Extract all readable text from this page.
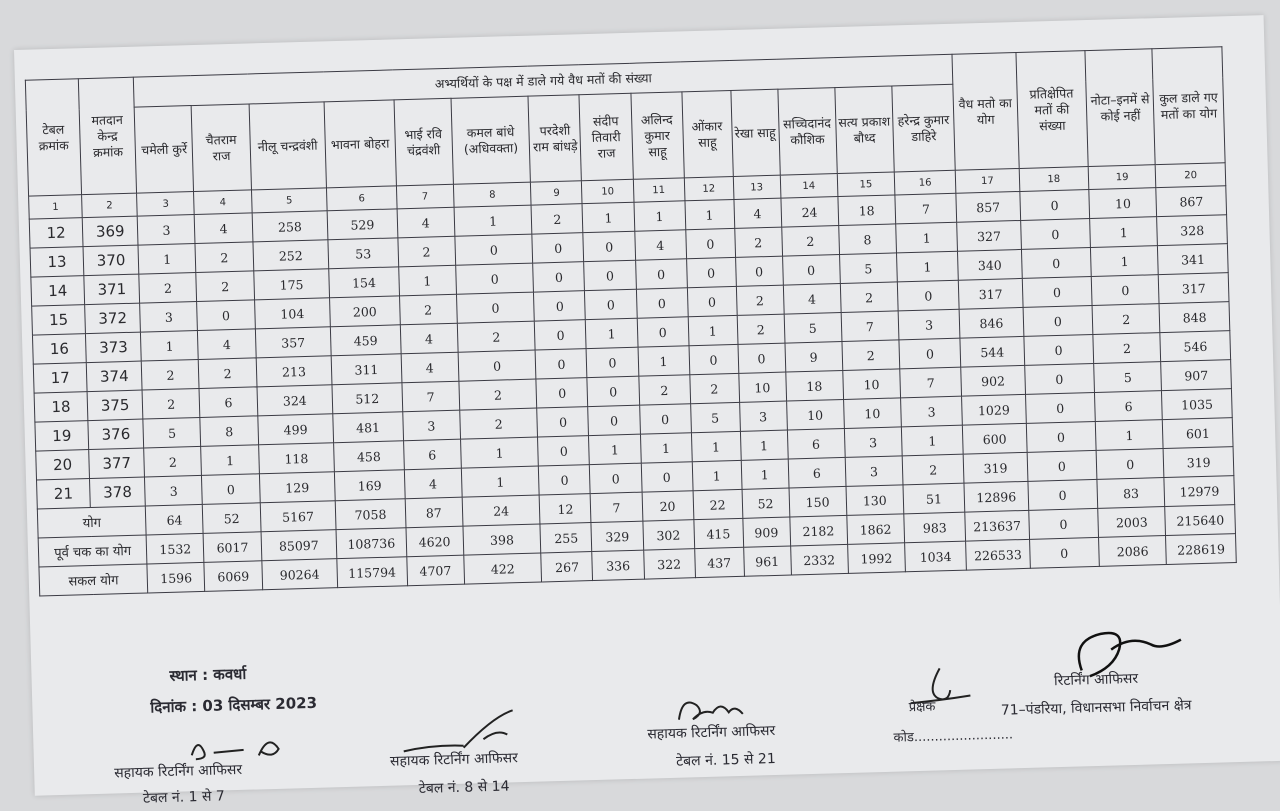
टेबल क्रमांक	मतदान केन्द्र क्रमांक	अभ्यर्थियों के पक्ष में डाले गये वैध मतों की संख्या														वैध मतो का योग	प्रतिक्षेपित मतों की संख्या	नोटा–इनमें से कोई नहीं	कुल डाले गए मतों का योग
		चमेली कुर्रे	चैतराम राज	नीलू चन्द्रवंशी	भावना बोहरा	भाई रवि चंद्रवंशी	कमल बांधे (अधिवक्ता)	परदेशी राम बांधड़े	संदीप तिवारी राज	अलिन्द कुमार साहू	ओंकार साहू	रेखा साहू	सच्चिदानंद कौशिक	सत्य प्रकाश बौध्द	हरेन्द्र कुमार डाहिरे				
1	2	3	4	5	6	7	8	9	10	11	12	13	14	15	16	17	18	19	20
12	369	3	4	258	529	4	1	2	1	1	1	4	24	18	7	857	0	10	867
13	370	1	2	252	53	2	0	0	0	4	0	2	2	8	1	327	0	1	328
14	371	2	2	175	154	1	0	0	0	0	0	0	0	5	1	340	0	1	341
15	372	3	0	104	200	2	0	0	0	0	0	2	4	2	0	317	0	0	317
16	373	1	4	357	459	4	2	0	1	0	1	2	5	7	3	846	0	2	848
17	374	2	2	213	311	4	0	0	0	1	0	0	9	2	0	544	0	2	546
18	375	2	6	324	512	7	2	0	0	2	2	10	18	10	7	902	0	5	907
19	376	5	8	499	481	3	2	0	0	0	5	3	10	10	3	1029	0	6	1035
20	377	2	1	118	458	6	1	0	1	1	1	1	6	3	1	600	0	1	601
21	378	3	0	129	169	4	1	0	0	0	1	1	6	3	2	319	0	0	319
योग		64	52	5167	7058	87	24	12	7	20	22	52	150	130	51	12896	0	83	12979
पूर्व चक का योग		1532	6017	85097	108736	4620	398	255	329	302	415	909	2182	1862	983	213637	0	2003	215640
सकल योग		1596	6069	90264	115794	4707	422	267	336	322	437	961	2332	1992	1034	226533	0	2086	228619
स्थान : कवर्धा
दिनांक : 03 दिसम्बर 2023
सहायक रिटर्निंग आफिसर
टेबल नं. 1 से 7
सहायक रिटर्निंग आफिसर
टेबल नं. 8 से 14
सहायक रिटर्निंग आफिसर
टेबल नं. 15 से 21
प्रेक्षक
कोड........................
रिटर्निंग आफिसर
71–पंडरिया, विधानसभा निर्वाचन क्षेत्र
